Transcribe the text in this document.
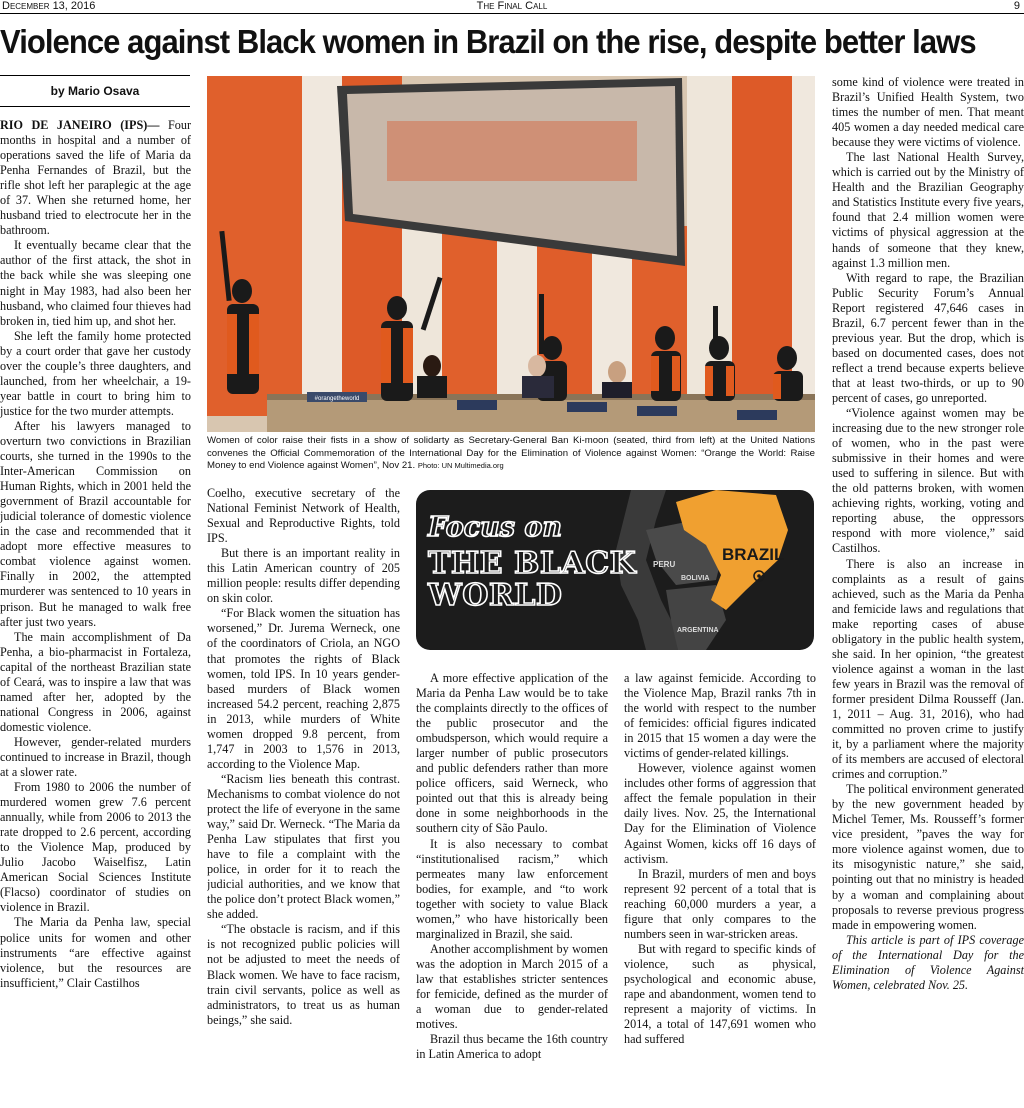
December 13, 2016	The Final Call	9
Violence against Black women in Brazil on the rise, despite better laws
by Mario Osava

RIO DE JANEIRO (IPS)— Four months in hospital and a number of operations saved the life of Maria da Penha Fernandes of Brazil, but the rifle shot left her paraplegic at the age of 37. When she returned home, her husband tried to electrocute her in the bathroom.

It eventually became clear that the author of the first attack, the shot in the back while she was sleeping one night in May 1983, had also been her husband, who claimed four thieves had broken in, tied him up, and shot her.

She left the family home protected by a court order that gave her custody over the couple’s three daughters, and launched, from her wheelchair, a 19-year battle in court to bring him to justice for the two murder attempts.

After his lawyers managed to overturn two convictions in Brazilian courts, she turned in the 1990s to the Inter-American Commission on Human Rights, which in 2001 held the government of Brazil accountable for judicial tolerance of domestic violence in the case and recommended that it adopt more effective measures to combat violence against women. Finally in 2002, the attempted murderer was sentenced to 10 years in prison. But he managed to walk free after just two years.

The main accomplishment of Da Penha, a bio-pharmacist in Fortaleza, capital of the northeast Brazilian state of Ceará, was to inspire a law that was named after her, adopted by the national Congress in 2006, against domestic violence.

However, gender-related murders continued to increase in Brazil, though at a slower rate.

From 1980 to 2006 the number of murdered women grew 7.6 percent annually, while from 2006 to 2013 the rate dropped to 2.6 percent, according to the Violence Map, produced by Julio Jacobo Waiselfisz, Latin American Social Sciences Institute (Flacso) coordinator of studies on violence in Brazil.

The Maria da Penha law, special police units for women and other instruments “are effective against violence, but the resources are insufficient,” Clair Castilhos

#orangetheworld
Women of color raise their fists in a show of solidarty as Secretary-General Ban Ki-moon (seated, third from left) at the United Nations convenes the Official Commemoration of the International Day for the Elimination of Violence against Women: “Orange the World: Raise Money to end Violence against Women”, Nov 21. Photo: UN Multimedia.org

Coelho, executive secretary of the National Feminist Network of Health, Sexual and Reproductive Rights, told IPS.

But there is an important reality in this Latin American country of 205 million people: results differ depending on skin color.

“For Black women the situation has worsened,” Dr. Jurema Werneck, one of the coordinators of Criola, an NGO that promotes the rights of Black women, told IPS. In 10 years gender-based murders of Black women increased 54.2 percent, reaching 2,875 in 2013, while murders of White women dropped 9.8 percent, from 1,747 in 2003 to 1,576 in 2013, according to the Violence Map.

“Racism lies beneath this contrast. Mechanisms to combat violence do not protect the life of everyone in the same way,” said Dr. Werneck. “The Maria da Penha Law stipulates that first you have to file a complaint with the police, in order for it to reach the judicial authorities, and we know that the police don’t protect Black women,” she added.

“The obstacle is racism, and if this is not recognized public policies will not be adjusted to meet the needs of Black women. We have to face racism, train civil servants, police as well as administrators, to treat us as human beings,” she said.

BRAZIL
PERU
BOLIVIA
ARGENTINA
Focus on
THE BLACK
WORLD

A more effective application of the Maria da Penha Law would be to take the complaints directly to the offices of the public prosecutor and the ombudsperson, which would require a larger number of public prosecutors and public defenders rather than more police officers, said Werneck, who pointed out that this is already being done in some neighborhoods in the southern city of São Paulo.

It is also necessary to combat “institutionalised racism,” which permeates many law enforcement bodies, for example, and “to work together with society to value Black women,” who have historically been marginalized in Brazil, she said.

Another accomplishment by women was the adoption in March 2015 of a law that establishes stricter sentences for femicide, defined as the murder of a woman due to gender-related motives.

Brazil thus became the 16th country in Latin America to adopt

a law against femicide. According to the Violence Map, Brazil ranks 7th in the world with respect to the number of femicides: official figures indicated in 2015 that 15 women a day were the victims of gender-related killings.

However, violence against women includes other forms of aggression that affect the female population in their daily lives. Nov. 25, the International Day for the Elimination of Violence Against Women, kicks off 16 days of activism.

In Brazil, murders of men and boys represent 92 percent of a total that is reaching 60,000 murders a year, a figure that only compares to the numbers seen in war-stricken areas.

But with regard to specific kinds of violence, such as physical, psychological and economic abuse, rape and abandonment, women tend to represent a majority of victims. In 2014, a total of 147,691 women who had suffered

some kind of violence were treated in Brazil’s Unified Health System, two times the number of men. That meant 405 women a day needed medical care because they were victims of violence.

The last National Health Survey, which is carried out by the Ministry of Health and the Brazilian Geography and Statistics Institute every five years, found that 2.4 million women were victims of physical aggression at the hands of someone that they knew, against 1.3 million men.

With regard to rape, the Brazilian Public Security Forum’s Annual Report registered 47,646 cases in Brazil, 6.7 percent fewer than in the previous year. But the drop, which is based on documented cases, does not reflect a trend because experts believe that at least two-thirds, or up to 90 percent of cases, go unreported.

“Violence against women may be increasing due to the new stronger role of women, who in the past were submissive in their homes and were used to suffering in silence. But with the old patterns broken, with women achieving rights, working, voting and reporting abuse, the oppressors respond with more violence,” said Castilhos.

There is also an increase in complaints as a result of gains achieved, such as the Maria da Penha and femicide laws and regulations that make reporting cases of abuse obligatory in the public health system, she said. In her opinion, “the greatest violence against a woman in the last few years in Brazil was the removal of former president Dilma Rousseff (Jan. 1, 2011 – Aug. 31, 2016), who had committed no proven crime to justify it, by a parliament where the majority of its members are accused of electoral crimes and corruption.”

The political environment generated by the new government headed by Michel Temer, Ms. Rousseff’s former vice president, ”paves the way for more violence against women, due to its misogynistic nature,” she said, pointing out that no ministry is headed by a woman and complaining about proposals to reverse previous progress made in empowering women.

This article is part of IPS coverage of the International Day for the Elimination of Violence Against Women, celebrated Nov. 25.
